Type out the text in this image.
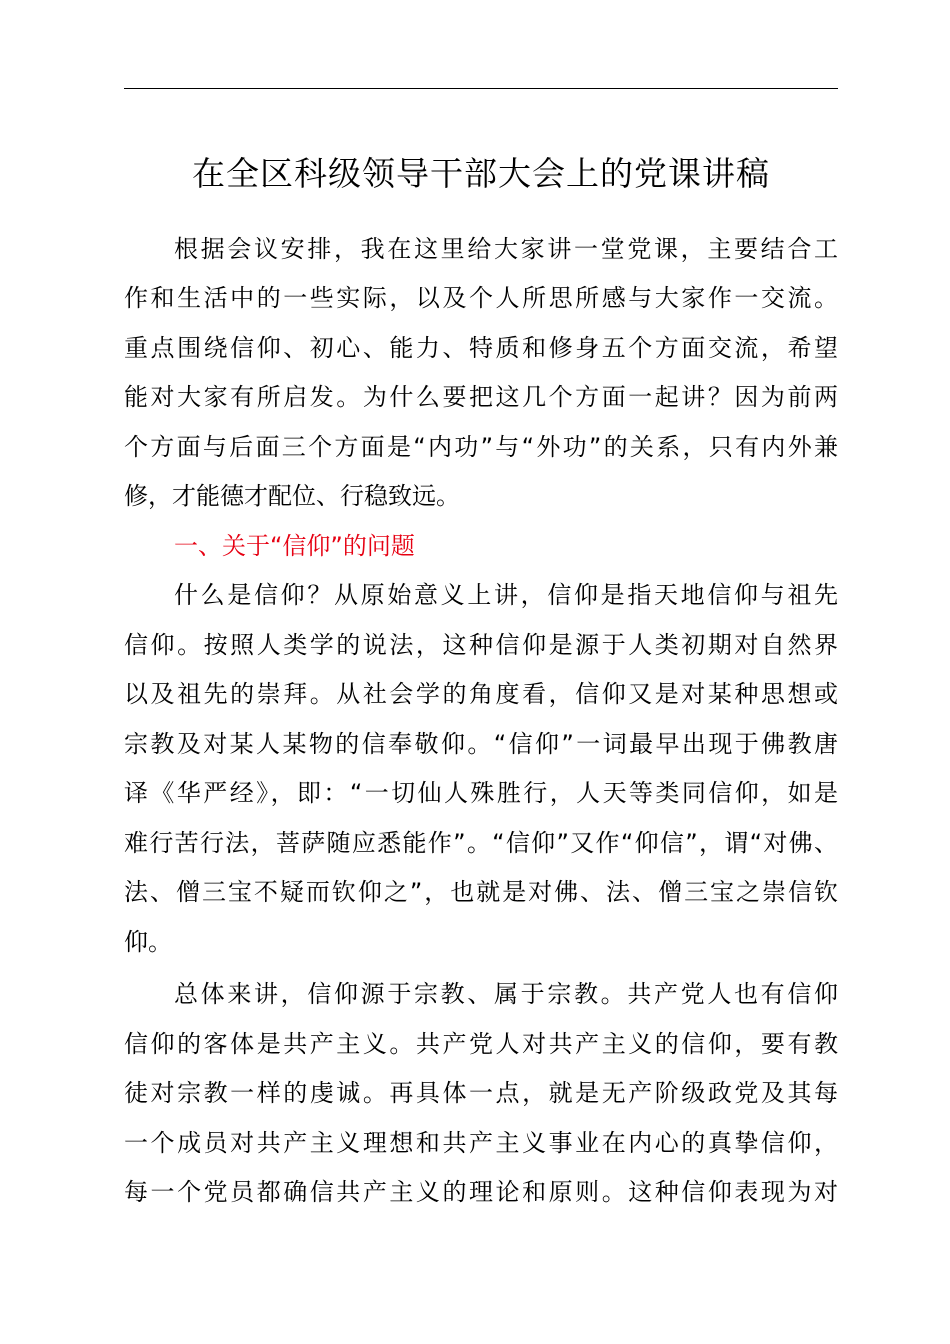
在全区科级领导干部大会上的党课讲稿
根据会议安排，我在这里给大家讲一堂党课，主要结合工
作和生活中的一些实际，以及个人所思所感与大家作一交流。
重点围绕信仰、初心、能力、特质和修身五个方面交流，希望
能对大家有所启发。为什么要把这几个方面一起讲？因为前两
个方面与后面三个方面是“内功”与“外功”的关系，只有内外兼
修，才能德才配位、行稳致远。
一、关于“信仰”的问题
什么是信仰？从原始意义上讲，信仰是指天地信仰与祖先
信仰。按照人类学的说法，这种信仰是源于人类初期对自然界
以及祖先的崇拜。从社会学的角度看，信仰又是对某种思想或
宗教及对某人某物的信奉敬仰。“信仰”一词最早出现于佛教唐
译《华严经》，即：“一切仙人殊胜行，人天等类同信仰，如是
难行苦行法，菩萨随应悉能作”。“信仰”又作“仰信”，谓“对佛、
法、僧三宝不疑而钦仰之”，也就是对佛、法、僧三宝之崇信钦
仰。
总体来讲，信仰源于宗教、属于宗教。共产党人也有信仰
信仰的客体是共产主义。共产党人对共产主义的信仰，要有教
徒对宗教一样的虔诚。再具体一点，就是无产阶级政党及其每
一个成员对共产主义理想和共产主义事业在内心的真挚信仰，
每一个党员都确信共产主义的理论和原则。这种信仰表现为对
